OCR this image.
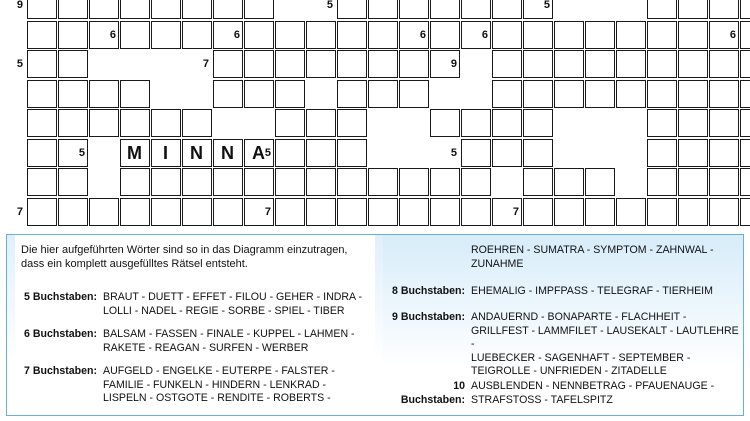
M	I	N N A
9	5	5
6	6	6	6	6
5	7	9
5	5	5
7	7	7
Die hier aufgeführten Wörter sind so in das Diagramm einzutragen, dass ein komplett ausgefülltes Rätsel entsteht.
5 Buchstaben: BRAUT - DUETT - EFFET - FILOU - GEHER - INDRA -
LOLLI - NADEL - REGIE - SORBE - SPIEL - TIBER
6 Buchstaben: BALSAM - FASSEN - FINALE - KUPPEL - LAHMEN -
RAKETE - REAGAN - SURFEN - WERBER
7 Buchstaben: AUFGELD - ENGELKE - EUTERPE - FALSTER -
FAMILIE - FUNKELN - HINDERN - LENKRAD -
LISPELN - OSTGOTE - RENDITE - ROBERTS -
ROEHREN - SUMATRA - SYMPTOM - ZAHNWAL -
ZUNAHME
8 Buchstaben: EHEMALIG - IMPFPASS - TELEGRAF - TIERHEIM
9 Buchstaben: ANDAUERND - BONAPARTE - FLACHHEIT -
GRILLFEST - LAMMFILET - LAUSEKALT - LAUTLEHRE -
LUEBECKER - SAGENHAFT - SEPTEMBER -
TEIGROLLE - UNFRIEDEN - ZITADELLE
10 Buchstaben:
AUSBLENDEN - NENNBETRAG - PFAUENAUGE -
STRAFSTOSS - TAFELSPITZ
